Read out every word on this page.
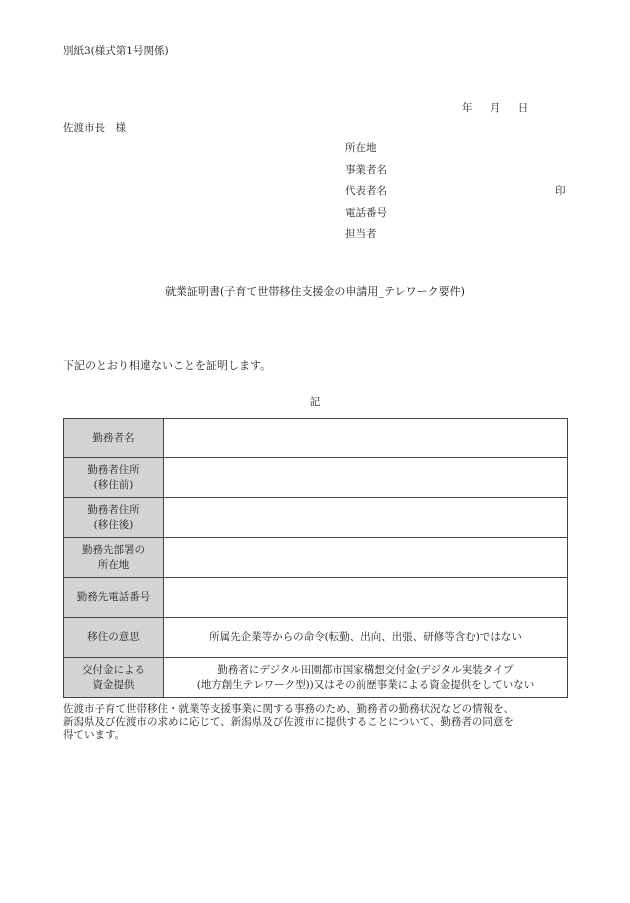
別紙3(様式第1号関係)
年 月 日
佐渡市長　様
所在地
事業者名
代表者名
電話番号
担当者
印
就業証明書(子育て世帯移住支援金の申請用_テレワーク要件)
下記のとおり相違ないことを証明します。
記
勤務者名	

勤務者住所
(移住前)	

勤務者住所
(移住後)	

勤務先部署の
所在地	

勤務先電話番号	

移住の意思	所属先企業等からの命令(転勤、出向、出張、研修等含む)ではない

交付金による
資金提供	勤務者にデジタル田園都市国家構想交付金(デジタル実装タイプ
(地方創生テレワーク型))又はその前歴事業による資金提供をしていない
佐渡市子育て世帯移住・就業等支援事業に関する事務のため、勤務者の勤務状況などの情報を、
新潟県及び佐渡市の求めに応じて、新潟県及び佐渡市に提供することについて、勤務者の同意を
得ています。
